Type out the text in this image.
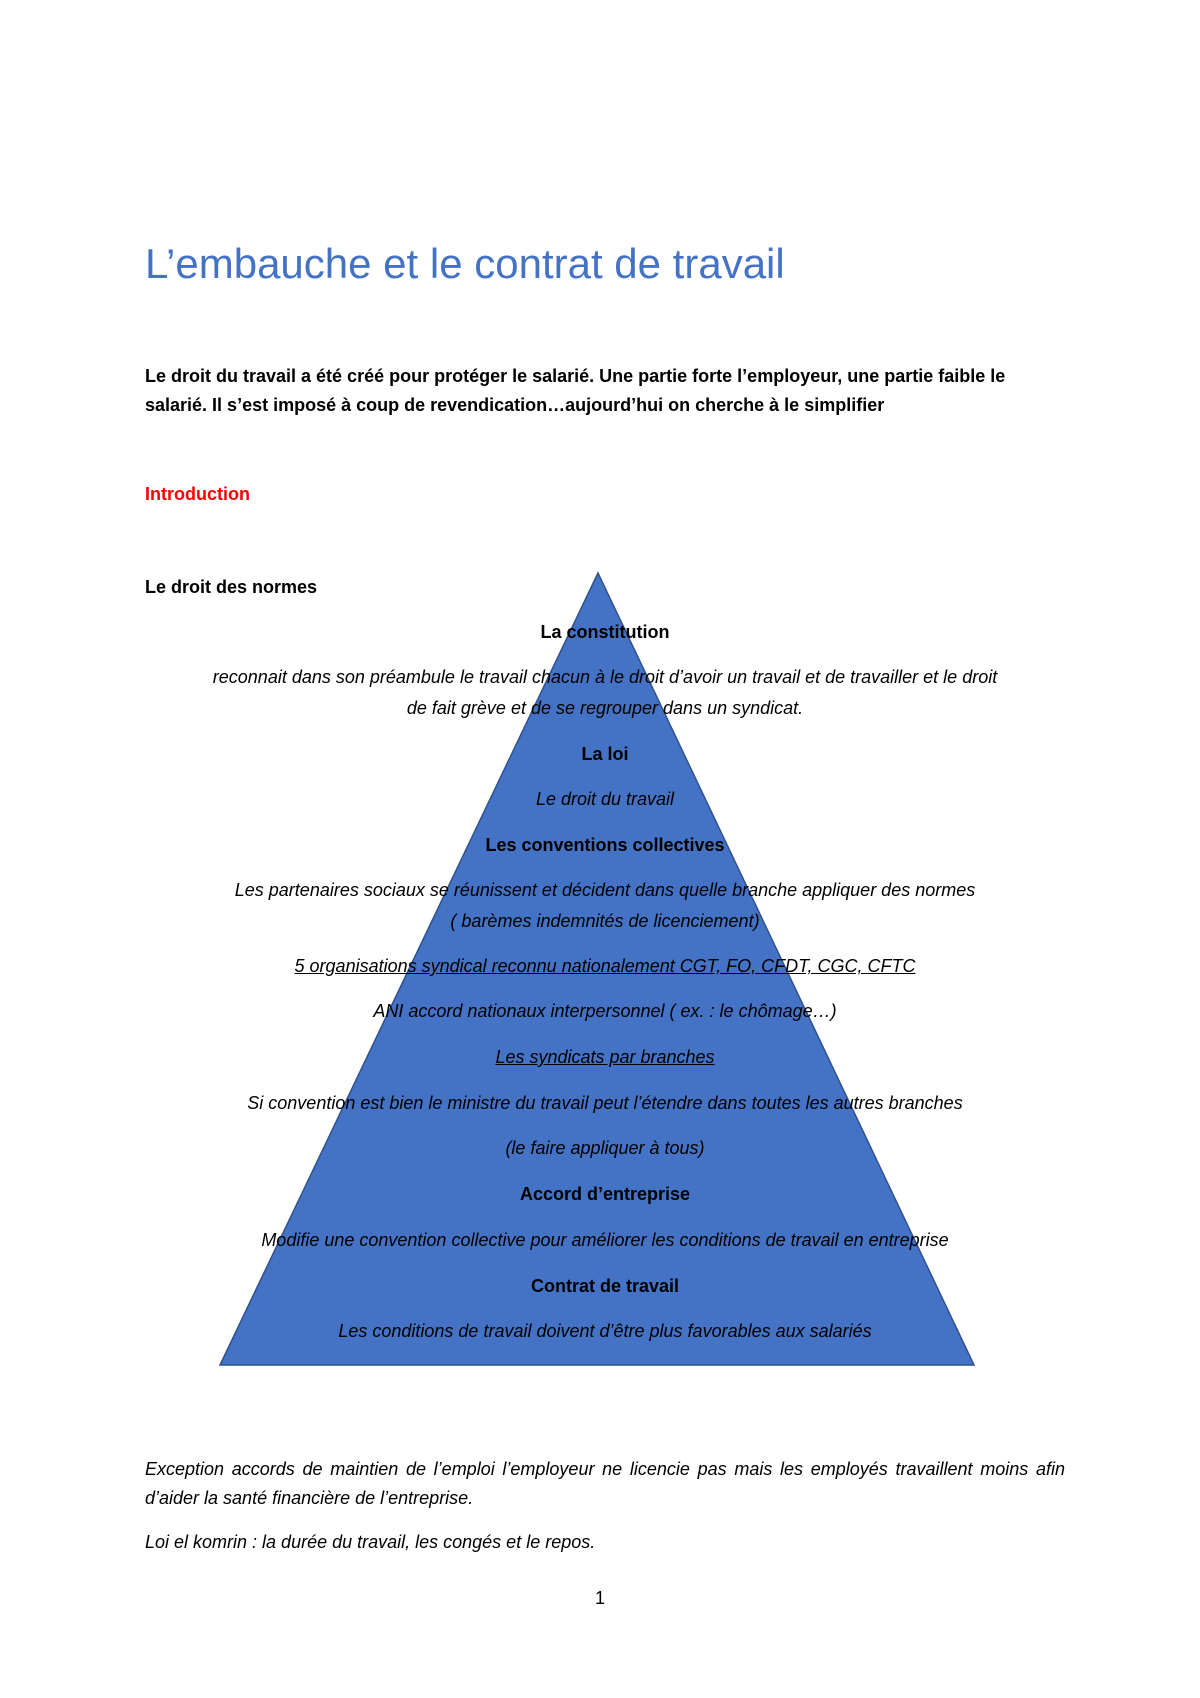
L’embauche et le contrat de travail

Le droit du travail a été créé pour protéger le salarié. Une partie forte l’employeur, une partie faible le salarié. Il s’est imposé à coup de revendication…aujourd’hui on cherche à le simplifier

Introduction

Le droit des normes

La constitution
reconnait dans son préambule le travail chacun à le droit d’avoir un travail et de travailler et le droit
de fait grève et de se regrouper dans un syndicat.
La loi
Le droit du travail
Les conventions collectives
Les partenaires sociaux se réunissent et décident dans quelle branche appliquer des normes
( barèmes indemnités de licenciement)
5 organisations syndical reconnu nationalement CGT, FO, CFDT, CGC, CFTC
ANI accord nationaux interpersonnel ( ex. : le chômage…)
Les syndicats par branches
Si convention est bien le ministre du travail peut l’étendre dans toutes les autres branches
(le faire appliquer à tous)
Accord d’entreprise
Modifie une convention collective pour améliorer les conditions de travail en entreprise
Contrat de travail
Les conditions de travail doivent d’être plus favorables aux salariés

Exception accords de maintien de l’emploi l’employeur ne licencie pas mais les employés travaillent moins afin d’aider la santé financière de l’entreprise.

Loi el komrin : la durée du travail, les congés et le repos.

1
